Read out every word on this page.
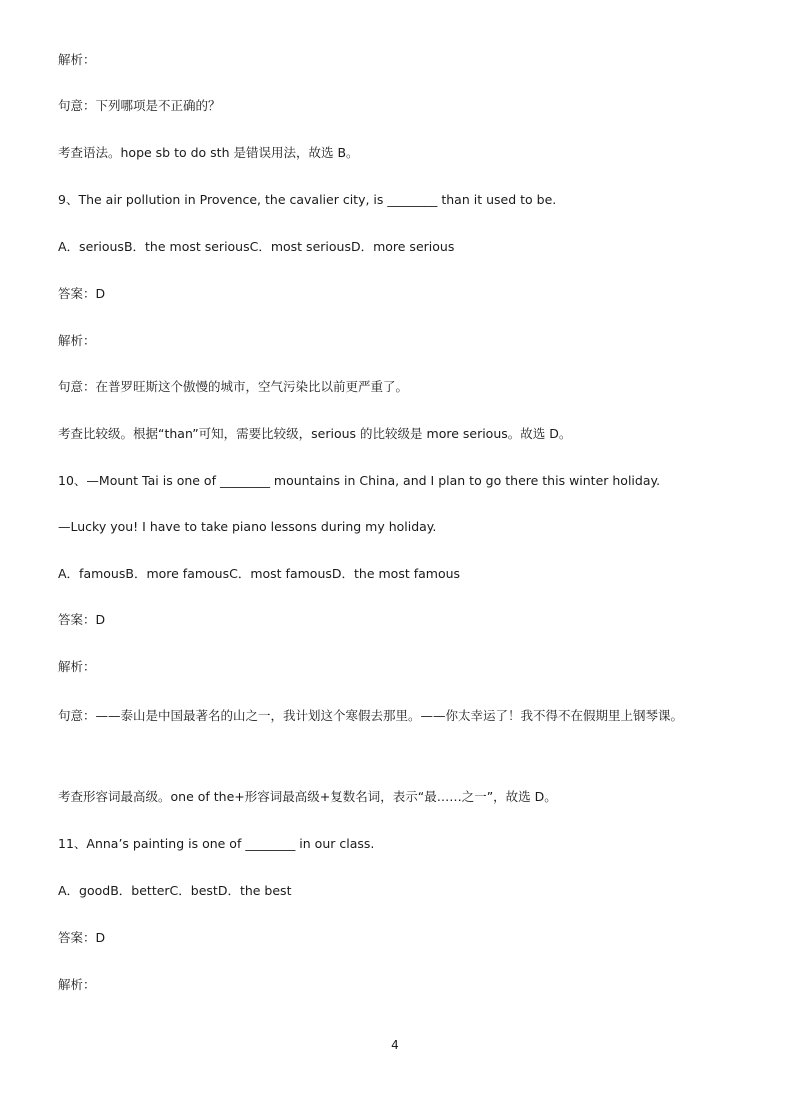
解析：
句意：下列哪项是不正确的？
考查语法。hope sb to do sth 是错误用法，故选 B。
9、The air pollution in Provence, the cavalier city, is ________ than it used to be.
A．seriousB．the most seriousC．most seriousD．more serious
答案：D
解析：
句意：在普罗旺斯这个傲慢的城市，空气污染比以前更严重了。
考查比较级。根据“than”可知，需要比较级，serious 的比较级是 more serious。故选 D。
10、—Mount Tai is one of ________ mountains in China, and I plan to go there this winter holiday.
—Lucky you! I have to take piano lessons during my holiday.
A．famousB．more famousC．most famousD．the most famous
答案：D
解析：
句意：——泰山是中国最著名的山之一，我计划这个寒假去那里。——你太幸运了！我不得不在假期里上钢琴课。
考查形容词最高级。one of the+形容词最高级+复数名词，表示“最……之一”，故选 D。
11、Anna’s painting is one of ________ in our class.
A．goodB．betterC．bestD．the best
答案：D
解析：
4
